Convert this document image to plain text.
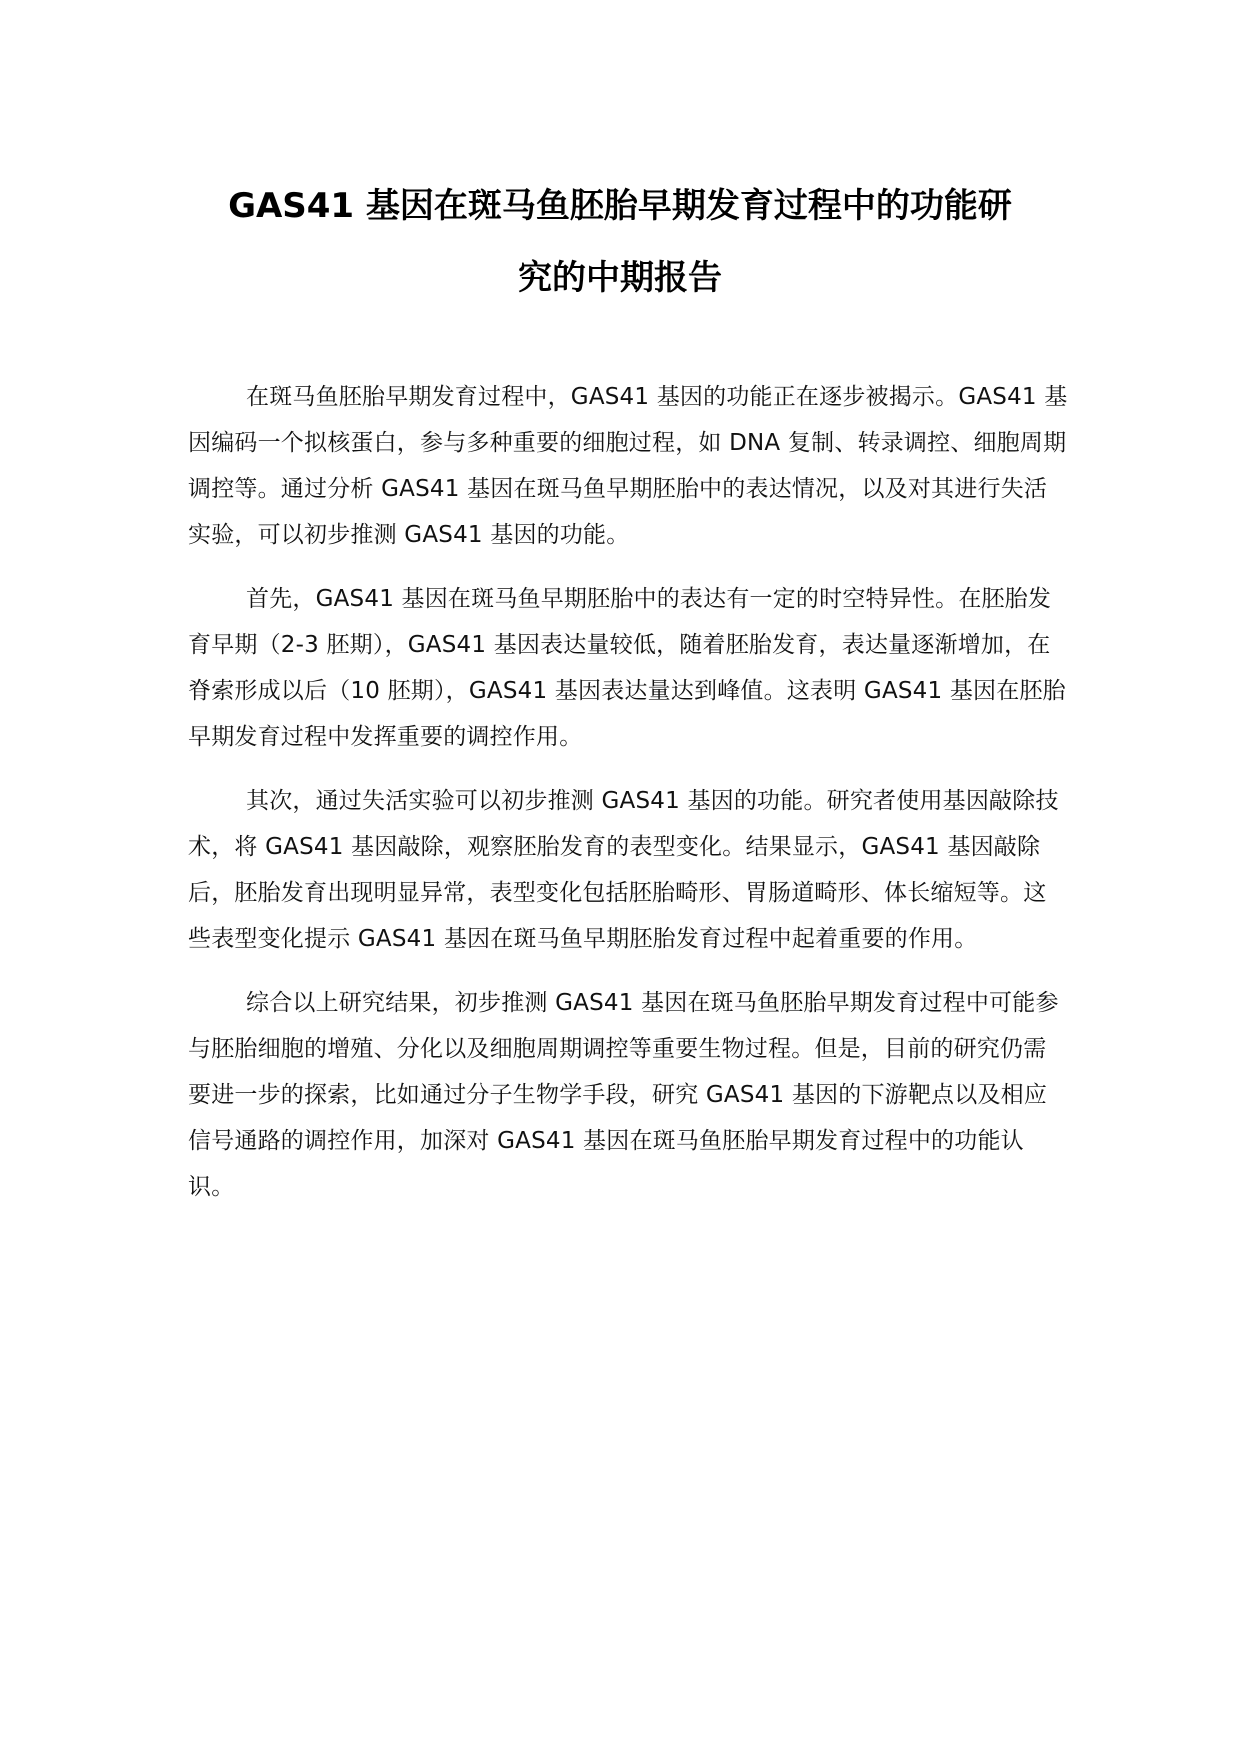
GAS41 基因在斑马鱼胚胎早期发育过程中的功能研
究的中期报告

在斑马鱼胚胎早期发育过程中，GAS41 基因的功能正在逐步被揭示。GAS41 基因编码一个拟核蛋白，参与多种重要的细胞过程，如 DNA 复制、转录调控、细胞周期调控等。通过分析 GAS41 基因在斑马鱼早期胚胎中的表达情况，以及对其进行失活实验，可以初步推测 GAS41 基因的功能。

首先，GAS41 基因在斑马鱼早期胚胎中的表达有一定的时空特异性。在胚胎发育早期（2-3 胚期），GAS41 基因表达量较低，随着胚胎发育，表达量逐渐增加，在脊索形成以后（10 胚期），GAS41 基因表达量达到峰值。这表明 GAS41 基因在胚胎早期发育过程中发挥重要的调控作用。

其次，通过失活实验可以初步推测 GAS41 基因的功能。研究者使用基因敲除技术，将 GAS41 基因敲除，观察胚胎发育的表型变化。结果显示，GAS41 基因敲除后，胚胎发育出现明显异常，表型变化包括胚胎畸形、胃肠道畸形、体长缩短等。这些表型变化提示 GAS41 基因在斑马鱼早期胚胎发育过程中起着重要的作用。

综合以上研究结果，初步推测 GAS41 基因在斑马鱼胚胎早期发育过程中可能参与胚胎细胞的增殖、分化以及细胞周期调控等重要生物过程。但是，目前的研究仍需要进一步的探索，比如通过分子生物学手段，研究 GAS41 基因的下游靶点以及相应信号通路的调控作用，加深对 GAS41 基因在斑马鱼胚胎早期发育过程中的功能认识。
